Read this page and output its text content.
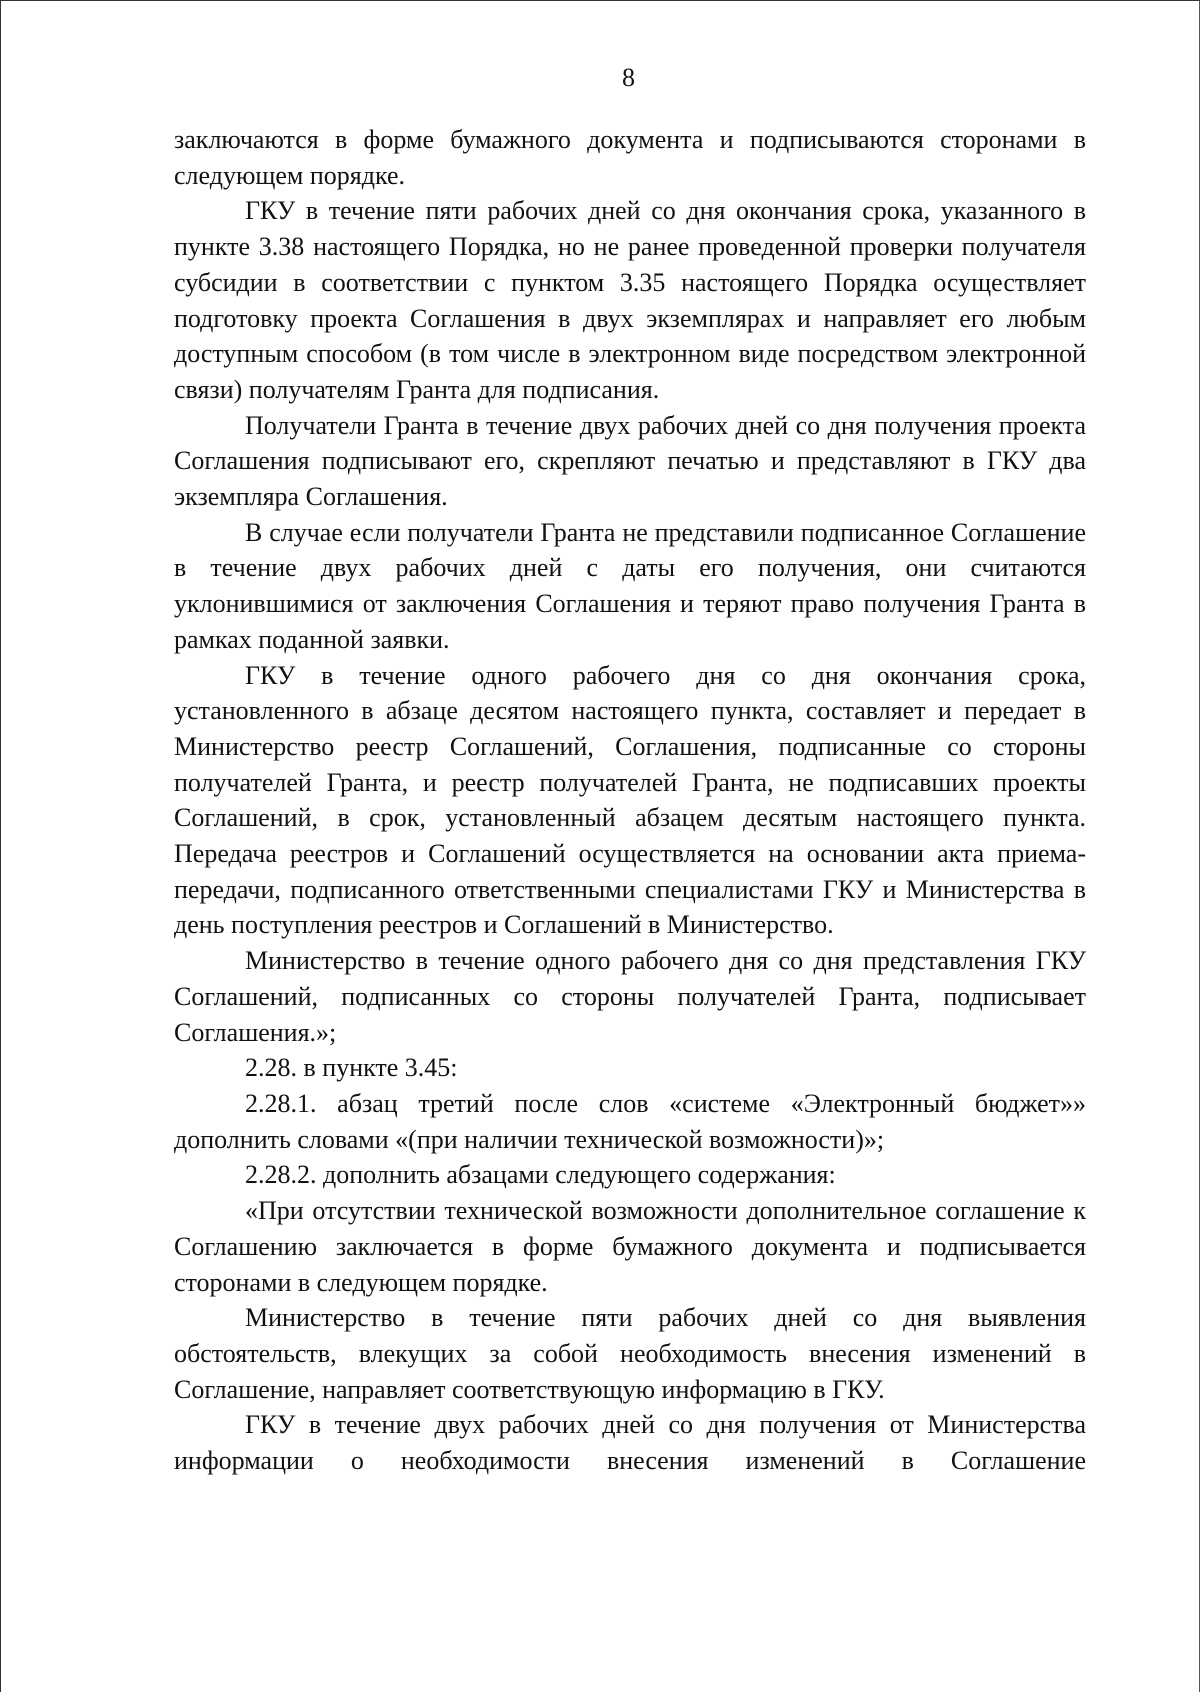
8

заключаются в форме бумажного документа и подписываются сторонами в следующем порядке.

ГКУ в течение пяти рабочих дней со дня окончания срока, указанного в пункте 3.38 настоящего Порядка, но не ранее проведенной проверки получателя субсидии в соответствии с пунктом 3.35 настоящего Порядка осуществляет подготовку проекта Соглашения в двух экземплярах и направляет его любым доступным способом (в том числе в электронном виде посредством электронной связи) получателям Гранта для подписания.

Получатели Гранта в течение двух рабочих дней со дня получения проекта Соглашения подписывают его, скрепляют печатью и представляют в ГКУ два экземпляра Соглашения.

В случае если получатели Гранта не представили подписанное Соглашение в течение двух рабочих дней с даты его получения, они считаются уклонившимися от заключения Соглашения и теряют право получения Гранта в рамках поданной заявки.

ГКУ в течение одного рабочего дня со дня окончания срока, установленного в абзаце десятом настоящего пункта, составляет и передает в Министерство реестр Соглашений, Соглашения, подписанные со стороны получателей Гранта, и реестр получателей Гранта, не подписавших проекты Соглашений, в срок, установленный абзацем десятым настоящего пункта. Передача реестров и Соглашений осуществляется на основании акта приема-передачи, подписанного ответственными специалистами ГКУ и Министерства в день поступления реестров и Соглашений в Министерство.

Министерство в течение одного рабочего дня со дня представления ГКУ Соглашений, подписанных со стороны получателей Гранта, подписывает Соглашения.»;

2.28. в пункте 3.45:

2.28.1. абзац третий после слов «системе «Электронный бюджет»» дополнить словами «(при наличии технической возможности)»;

2.28.2. дополнить абзацами следующего содержания:

«При отсутствии технической возможности дополнительное соглашение к Соглашению заключается в форме бумажного документа и подписывается сторонами в следующем порядке.

Министерство в течение пяти рабочих дней со дня выявления обстоятельств, влекущих за собой необходимость внесения изменений в Соглашение, направляет соответствующую информацию в ГКУ.

ГКУ в течение двух рабочих дней со дня получения от Министерства информации о необходимости внесения изменений в Соглашение
